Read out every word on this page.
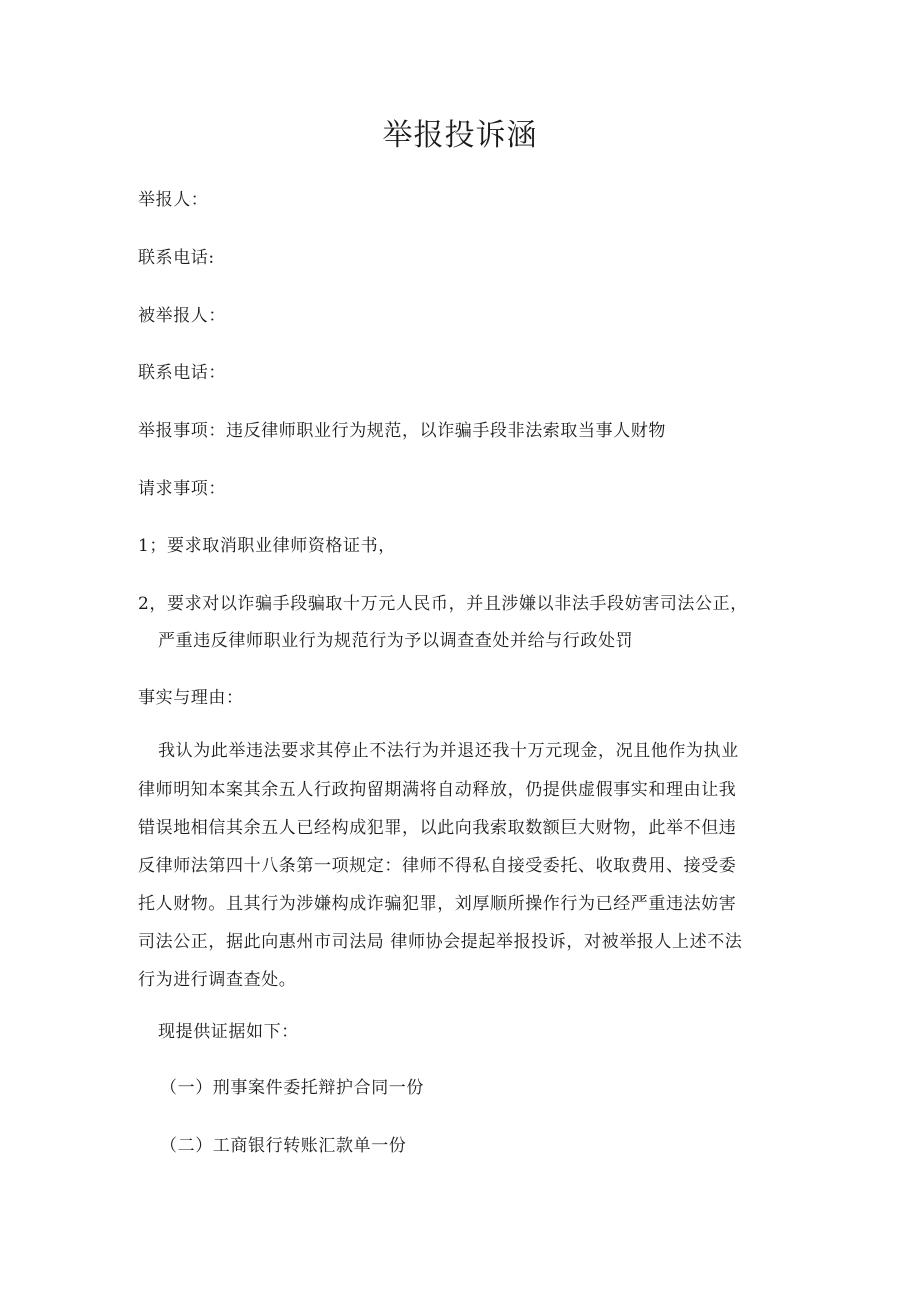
举报投诉涵
举报人：
联系电话:
被举报人：
联系电话：
举报事项：违反律师职业行为规范，以诈骗手段非法索取当事人财物
请求事项：
1；要求取消职业律师资格证书，
2，要求对以诈骗手段骗取十万元人民币，并且涉嫌以非法手段妨害司法公正，
严重违反律师职业行为规范行为予以调查查处并给与行政处罚
事实与理由：
我认为此举违法要求其停止不法行为并退还我十万元现金，况且他作为执业
律师明知本案其余五人行政拘留期满将自动释放，仍提供虚假事实和理由让我
错误地相信其余五人已经构成犯罪，以此向我索取数额巨大财物，此举不但违
反律师法第四十八条第一项规定：律师不得私自接受委托、收取费用、接受委
托人财物。且其行为涉嫌构成诈骗犯罪，刘厚顺所操作行为已经严重违法妨害
司法公正，据此向惠州市司法局 律师协会提起举报投诉，对被举报人上述不法
行为进行调查查处。
现提供证据如下：
（一）刑事案件委托辩护合同一份
（二）工商银行转账汇款单一份
